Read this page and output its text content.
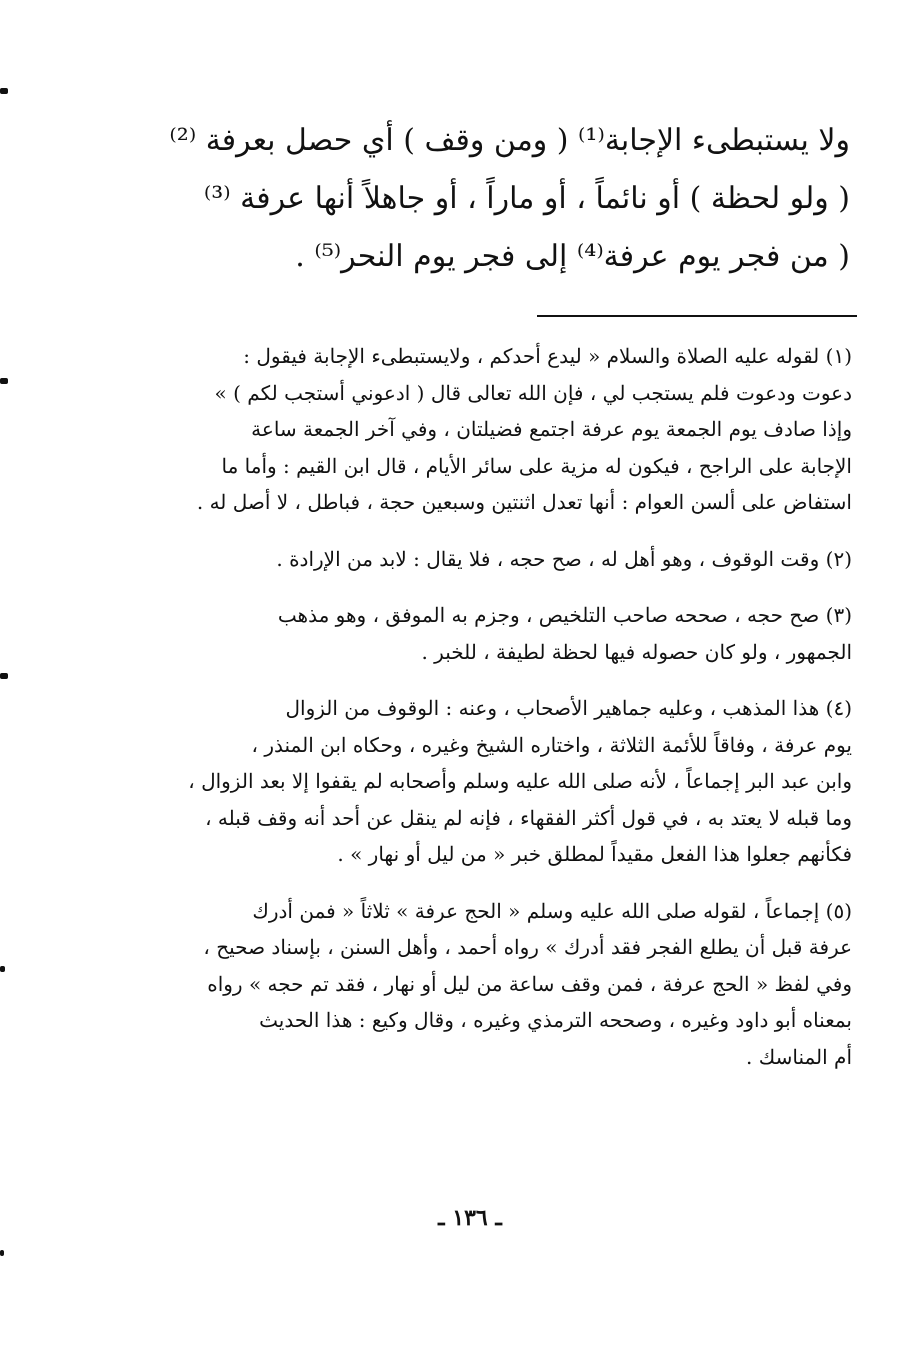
ولا يستبطىء الإجابة⁽¹⁾ ( ومن وقف ) أي حصل بعرفة ⁽²⁾
( ولو لحظة ) أو نائماً ، أو ماراً ، أو جاهلاً أنها عرفة ⁽³⁾
( من فجر يوم عرفة⁽⁴⁾ إلى فجر يوم النحر⁽⁵⁾ .
(١) لقوله عليه الصلاة والسلام « ليدع أحدكم ، ولايستبطىء الإجابة فيقول :
دعوت ودعوت فلم يستجب لي ، فإن الله تعالى قال ( ادعوني أستجب لكم ) »
وإذا صادف يوم الجمعة يوم عرفة اجتمع فضيلتان ، وفي آخر الجمعة ساعة
الإجابة على الراجح ، فيكون له مزية على سائر الأيام ، قال ابن القيم : وأما ما
استفاض على ألسن العوام : أنها تعدل اثنتين وسبعين حجة ، فباطل ، لا أصل له .
(٢) وقت الوقوف ، وهو أهل له ، صح حجه ، فلا يقال : لابد من الإرادة .
(٣) صح حجه ، صححه صاحب التلخيص ، وجزم به الموفق ، وهو مذهب
الجمهور ، ولو كان حصوله فيها لحظة لطيفة ، للخبر .
(٤) هذا المذهب ، وعليه جماهير الأصحاب ، وعنه : الوقوف من الزوال
يوم عرفة ، وفاقاً للأئمة الثلاثة ، واختاره الشيخ وغيره ، وحكاه ابن المنذر ،
وابن عبد البر إجماعاً ، لأنه صلى الله عليه وسلم وأصحابه لم يقفوا إلا بعد الزوال ،
وما قبله لا يعتد به ، في قول أكثر الفقهاء ، فإنه لم ينقل عن أحد أنه وقف قبله ،
فكأنهم جعلوا هذا الفعل مقيداً لمطلق خبر « من ليل أو نهار » .
(٥) إجماعاً ، لقوله صلى الله عليه وسلم « الحج عرفة » ثلاثاً « فمن أدرك
عرفة قبل أن يطلع الفجر فقد أدرك » رواه أحمد ، وأهل السنن ، بإسناد صحيح ،
وفي لفظ « الحج عرفة ، فمن وقف ساعة من ليل أو نهار ، فقد تم حجه » رواه
بمعناه أبو داود وغيره ، وصححه الترمذي وغيره ، وقال وكيع : هذا الحديث
أم المناسك .
ـ ١٣٦ ـ
